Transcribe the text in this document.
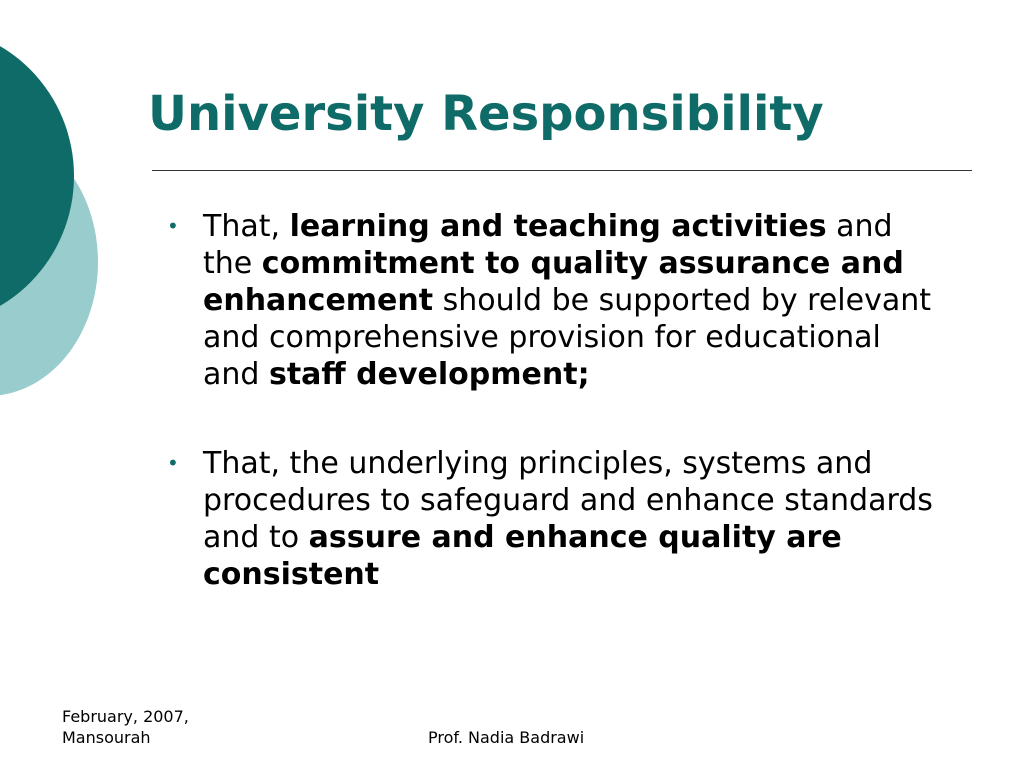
University Responsibility
• That, learning and teaching activities and the commitment to quality assurance and enhancement should be supported by relevant and comprehensive provision for educational and staff development;
• That, the underlying principles, systems and procedures to safeguard and enhance standards and to assure and enhance quality are consistent
February, 2007,
Mansourah	Prof. Nadia Badrawi
